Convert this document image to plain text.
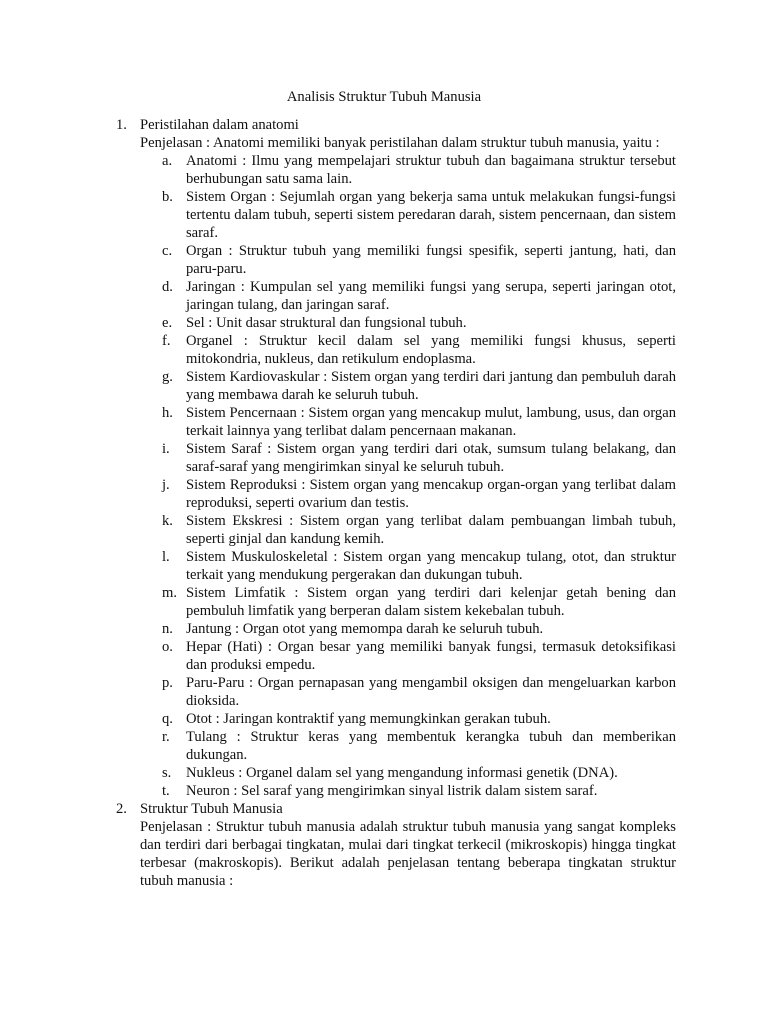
Analisis Struktur Tubuh Manusia
1. Peristilahan dalam anatomi

Penjelasan : Anatomi memiliki banyak peristilahan dalam struktur tubuh manusia, yaitu :

a. Anatomi : Ilmu yang mempelajari struktur tubuh dan bagaimana struktur tersebut berhubungan satu sama lain.
b. Sistem Organ : Sejumlah organ yang bekerja sama untuk melakukan fungsi-fungsi tertentu dalam tubuh, seperti sistem peredaran darah, sistem pencernaan, dan sistem saraf.
c. Organ : Struktur tubuh yang memiliki fungsi spesifik, seperti jantung, hati, dan paru-paru.
d. Jaringan : Kumpulan sel yang memiliki fungsi yang serupa, seperti jaringan otot, jaringan tulang, dan jaringan saraf.
e. Sel : Unit dasar struktural dan fungsional tubuh.
f. Organel : Struktur kecil dalam sel yang memiliki fungsi khusus, seperti mitokondria, nukleus, dan retikulum endoplasma.
g. Sistem Kardiovaskular : Sistem organ yang terdiri dari jantung dan pembuluh darah yang membawa darah ke seluruh tubuh.
h. Sistem Pencernaan : Sistem organ yang mencakup mulut, lambung, usus, dan organ terkait lainnya yang terlibat dalam pencernaan makanan.
i. Sistem Saraf : Sistem organ yang terdiri dari otak, sumsum tulang belakang, dan saraf-saraf yang mengirimkan sinyal ke seluruh tubuh.
j. Sistem Reproduksi : Sistem organ yang mencakup organ-organ yang terlibat dalam reproduksi, seperti ovarium dan testis.
k. Sistem Ekskresi : Sistem organ yang terlibat dalam pembuangan limbah tubuh, seperti ginjal dan kandung kemih.
l. Sistem Muskuloskeletal : Sistem organ yang mencakup tulang, otot, dan struktur terkait yang mendukung pergerakan dan dukungan tubuh.
m. Sistem Limfatik : Sistem organ yang terdiri dari kelenjar getah bening dan pembuluh limfatik yang berperan dalam sistem kekebalan tubuh.
n. Jantung : Organ otot yang memompa darah ke seluruh tubuh.
o. Hepar (Hati) : Organ besar yang memiliki banyak fungsi, termasuk detoksifikasi dan produksi empedu.
p. Paru-Paru : Organ pernapasan yang mengambil oksigen dan mengeluarkan karbon dioksida.
q. Otot : Jaringan kontraktif yang memungkinkan gerakan tubuh.
r. Tulang : Struktur keras yang membentuk kerangka tubuh dan memberikan dukungan.
s. Nukleus : Organel dalam sel yang mengandung informasi genetik (DNA).
t. Neuron : Sel saraf yang mengirimkan sinyal listrik dalam sistem saraf.
2. Struktur Tubuh Manusia

Penjelasan : Struktur tubuh manusia adalah struktur tubuh manusia yang sangat kompleks dan terdiri dari berbagai tingkatan, mulai dari tingkat terkecil (mikroskopis) hingga tingkat terbesar (makroskopis). Berikut adalah penjelasan tentang beberapa tingkatan struktur tubuh manusia :
